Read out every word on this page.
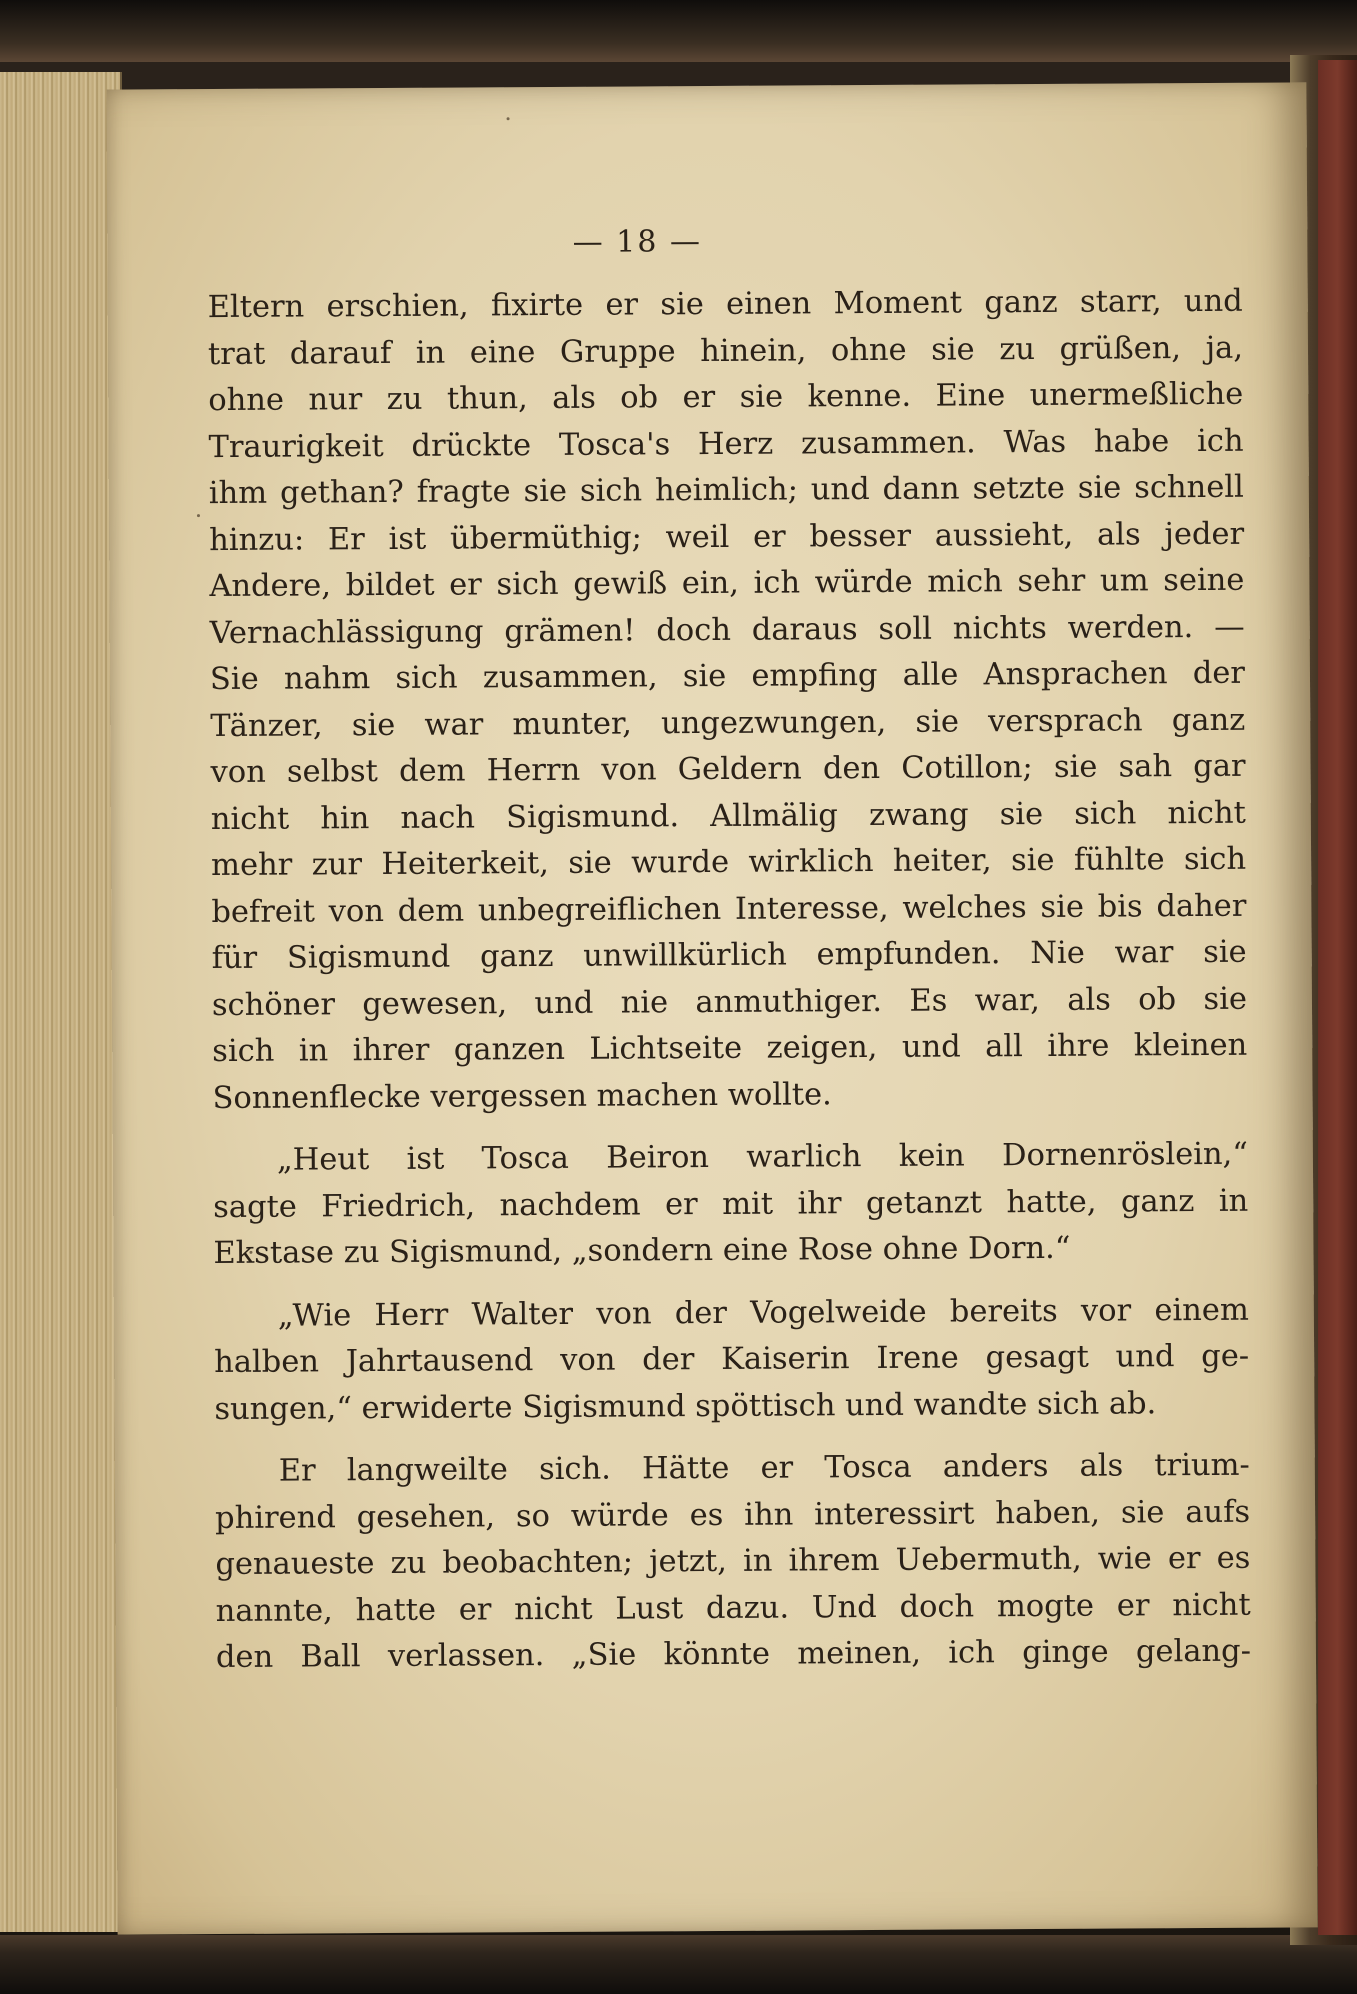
— 18 —
Eltern erschien, fixirte er sie einen Moment ganz starr, und
trat darauf in eine Gruppe hinein, ohne sie zu grüßen, ja,
ohne nur zu thun, als ob er sie kenne. Eine unermeßliche
Traurigkeit drückte Tosca's Herz zusammen. Was habe ich
ihm gethan? fragte sie sich heimlich; und dann setzte sie schnell
hinzu: Er ist übermüthig; weil er besser aussieht, als jeder
Andere, bildet er sich gewiß ein, ich würde mich sehr um seine
Vernachlässigung grämen! doch daraus soll nichts werden. —
Sie nahm sich zusammen, sie empfing alle Ansprachen der
Tänzer, sie war munter, ungezwungen, sie versprach ganz
von selbst dem Herrn von Geldern den Cotillon; sie sah gar
nicht hin nach Sigismund. Allmälig zwang sie sich nicht
mehr zur Heiterkeit, sie wurde wirklich heiter, sie fühlte sich
befreit von dem unbegreiflichen Interesse, welches sie bis daher
für Sigismund ganz unwillkürlich empfunden. Nie war sie
schöner gewesen, und nie anmuthiger. Es war, als ob sie
sich in ihrer ganzen Lichtseite zeigen, und all ihre kleinen
Sonnenflecke vergessen machen wollte.
„Heut ist Tosca Beiron warlich kein Dornenröslein,“
sagte Friedrich, nachdem er mit ihr getanzt hatte, ganz in
Ekstase zu Sigismund, „sondern eine Rose ohne Dorn.“
„Wie Herr Walter von der Vogelweide bereits vor einem
halben Jahrtausend von der Kaiserin Irene gesagt und ge-
sungen,“ erwiderte Sigismund spöttisch und wandte sich ab.
Er langweilte sich. Hätte er Tosca anders als trium-
phirend gesehen, so würde es ihn interessirt haben, sie aufs
genaueste zu beobachten; jetzt, in ihrem Uebermuth, wie er es
nannte, hatte er nicht Lust dazu. Und doch mogte er nicht
den Ball verlassen. „Sie könnte meinen, ich ginge gelang-
